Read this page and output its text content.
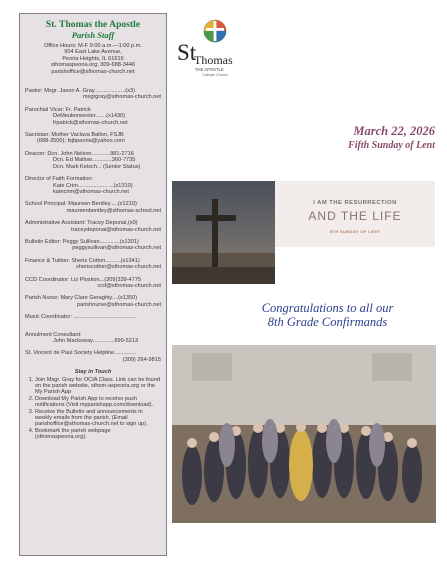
St. Thomas the Apostle
Parish Staff
Office Hours: M-F 9:00 a.m.—1:00 p.m.
904 East Lake Avenue,
Peoria Heights, IL 61616
sthomaspeoria.org; 309-688-3446
parishoffice@sthomas-church.net
Pastor: Msgr. Jason A. Gray....................(x3)
msgrgray@sthomas-church.net
Parochial Vicar: Fr. Patrick
DeMeulemeester.......(x1430)
frpatrick@sthomas-church.net
Sacristan: Mother Vaclava Ballon, FSJB
(688-3500); fsjbpeoria@yahoo.com
Deacon: Dcn. John Nelson............981-2716
Dcn. Ed Mallow.............360-7735
Dcn. Mark Kelsch... (Senior Status)
Director of Faith Formation:
Kate Crim................... ...(x1310)
katecrim@sthomas-church.net
School Principal: Maureen Bentley.....(x1210)
maureenbentley@sthomas-school.net
Administrative Assistant: Tracey Deponai,(x0)
traceydeponai@sthomas-church.net
Bulletin Editor: Peggy Sullivan.............(x1301)
peggysullivan@sthomas-church.net
Finance & Tuition: Sheris Cotton..........(x1341)
sheriscotton@sthomas-church.net
CCD Coordinator: Liz Ploskon...(309)339-4775
ccd@sthomas-church.net
Parish Nurse: Mary Clare Geraghty....(x1350)
parishnurse@sthomas-church.net
Music Coordinator: ........................................
Annulment Consultant:
John Mackoway..............699-5213
St. Vincent de Paul Society Helpline..............
(309) 264-9815
Stay in Touch
1. Join Msgr. Gray for OCIA Class. Link can be found on the parish website, sthom-aspeoria.org or the My Parish App
2. Download My Parish App to receive push notifications (Visit myparishapp.com/download).
3. Receive the Bulletin and announcements in weekly emails from the parish. (Email parishoffice@sthomas-church.net to sign up).
4. Bookmark the parish webpage (sthomaspeoria.org).
St
Thomas
THE APOSTLE
Catholic Church
March 22, 2026
Fifth Sunday of Lent
I AM THE RESURRECTION
AND THE LIFE
5TH SUNDAY OF LENT
Congratulations to all our
8th Grade Confirmands
